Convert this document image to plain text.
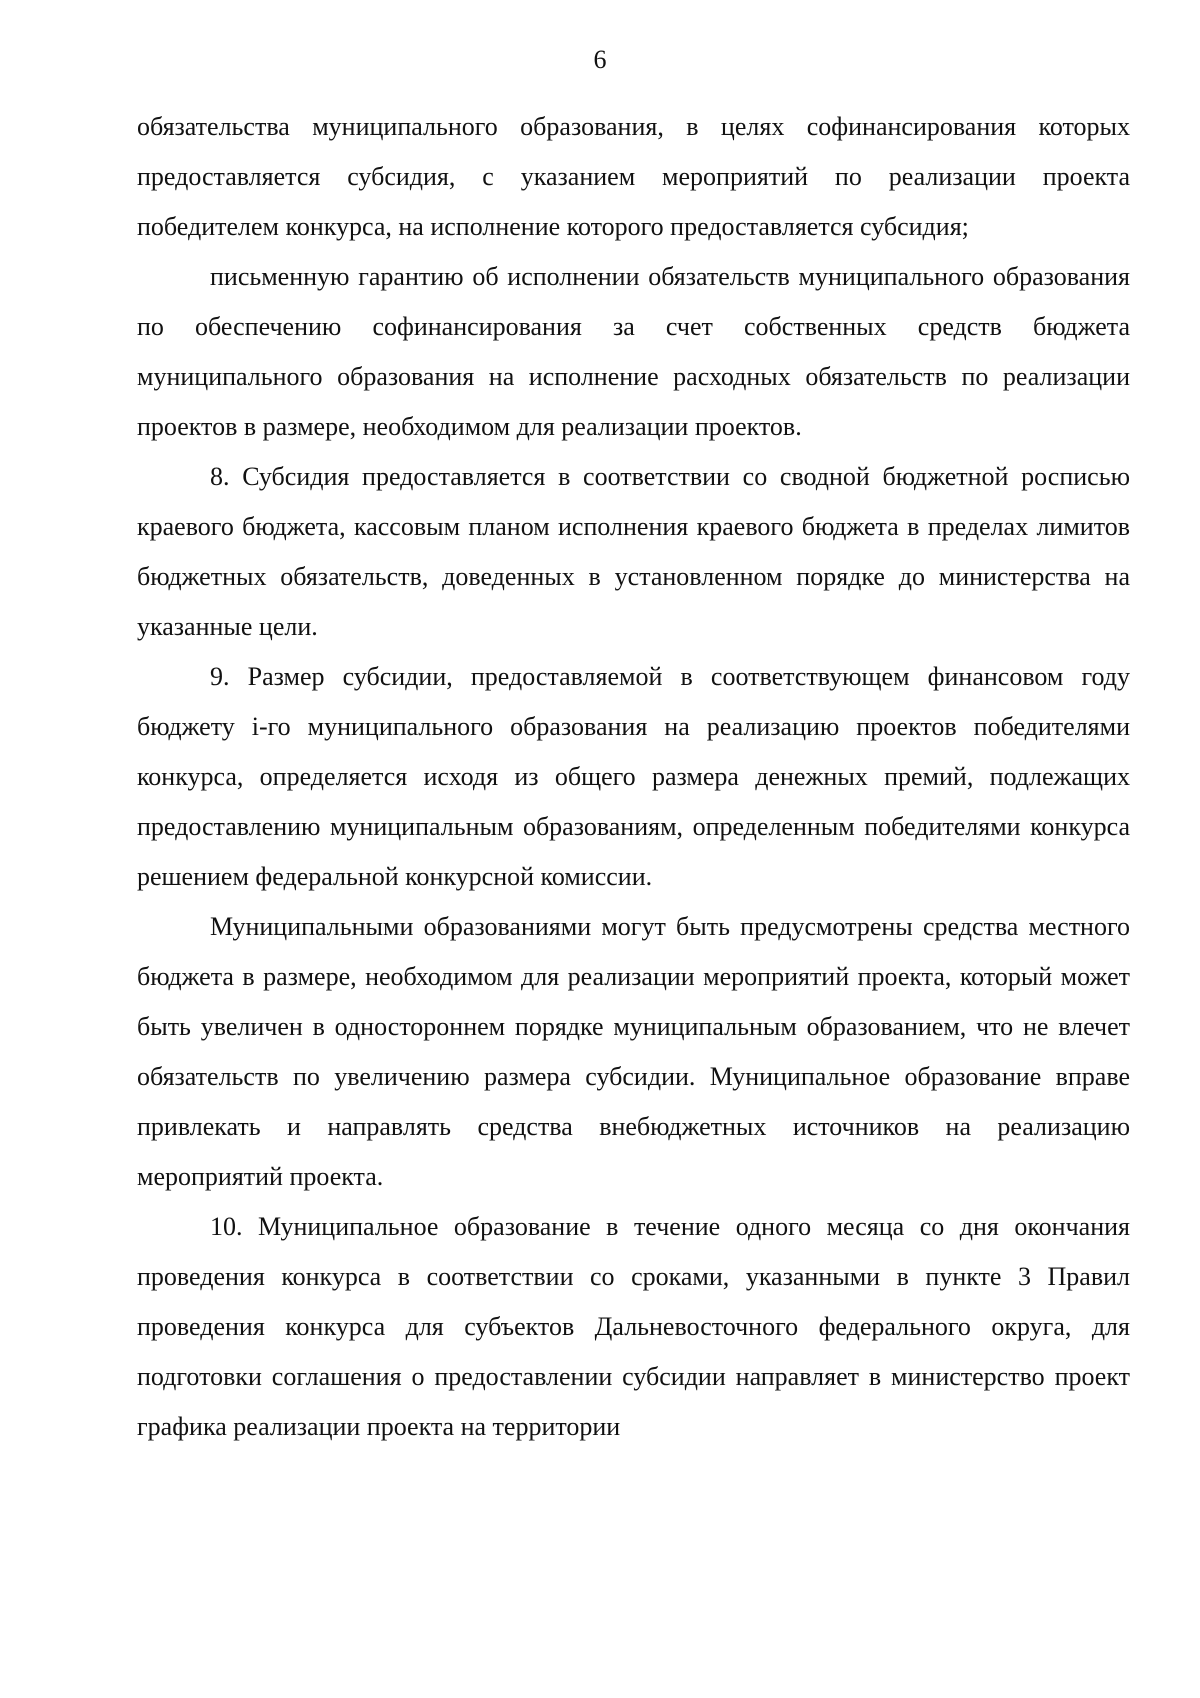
6

обязательства муниципального образования, в целях софинансирования которых предоставляется субсидия, с указанием мероприятий по реализации проекта победителем конкурса, на исполнение которого предоставляется субсидия;

письменную гарантию об исполнении обязательств муниципального образования по обеспечению софинансирования за счет собственных средств бюджета муниципального образования на исполнение расходных обязательств по реализации проектов в размере, необходимом для реализации проектов.

8. Субсидия предоставляется в соответствии со сводной бюджетной росписью краевого бюджета, кассовым планом исполнения краевого бюджета в пределах лимитов бюджетных обязательств, доведенных в установленном порядке до министерства на указанные цели.

9. Размер субсидии, предоставляемой в соответствующем финансовом году бюджету i-го муниципального образования на реализацию проектов победителями конкурса, определяется исходя из общего размера денежных премий, подлежащих предоставлению муниципальным образованиям, определенным победителями конкурса решением федеральной конкурсной комиссии.

Муниципальными образованиями могут быть предусмотрены средства местного бюджета в размере, необходимом для реализации мероприятий проекта, который может быть увеличен в одностороннем порядке муниципальным образованием, что не влечет обязательств по увеличению размера субсидии. Муниципальное образование вправе привлекать и направлять средства внебюджетных источников на реализацию мероприятий проекта.

10. Муниципальное образование в течение одного месяца со дня окончания проведения конкурса в соответствии со сроками, указанными в пункте 3 Правил проведения конкурса для субъектов Дальневосточного федерального округа, для подготовки соглашения о предоставлении субсидии направляет в министерство проект графика реализации проекта на территории
